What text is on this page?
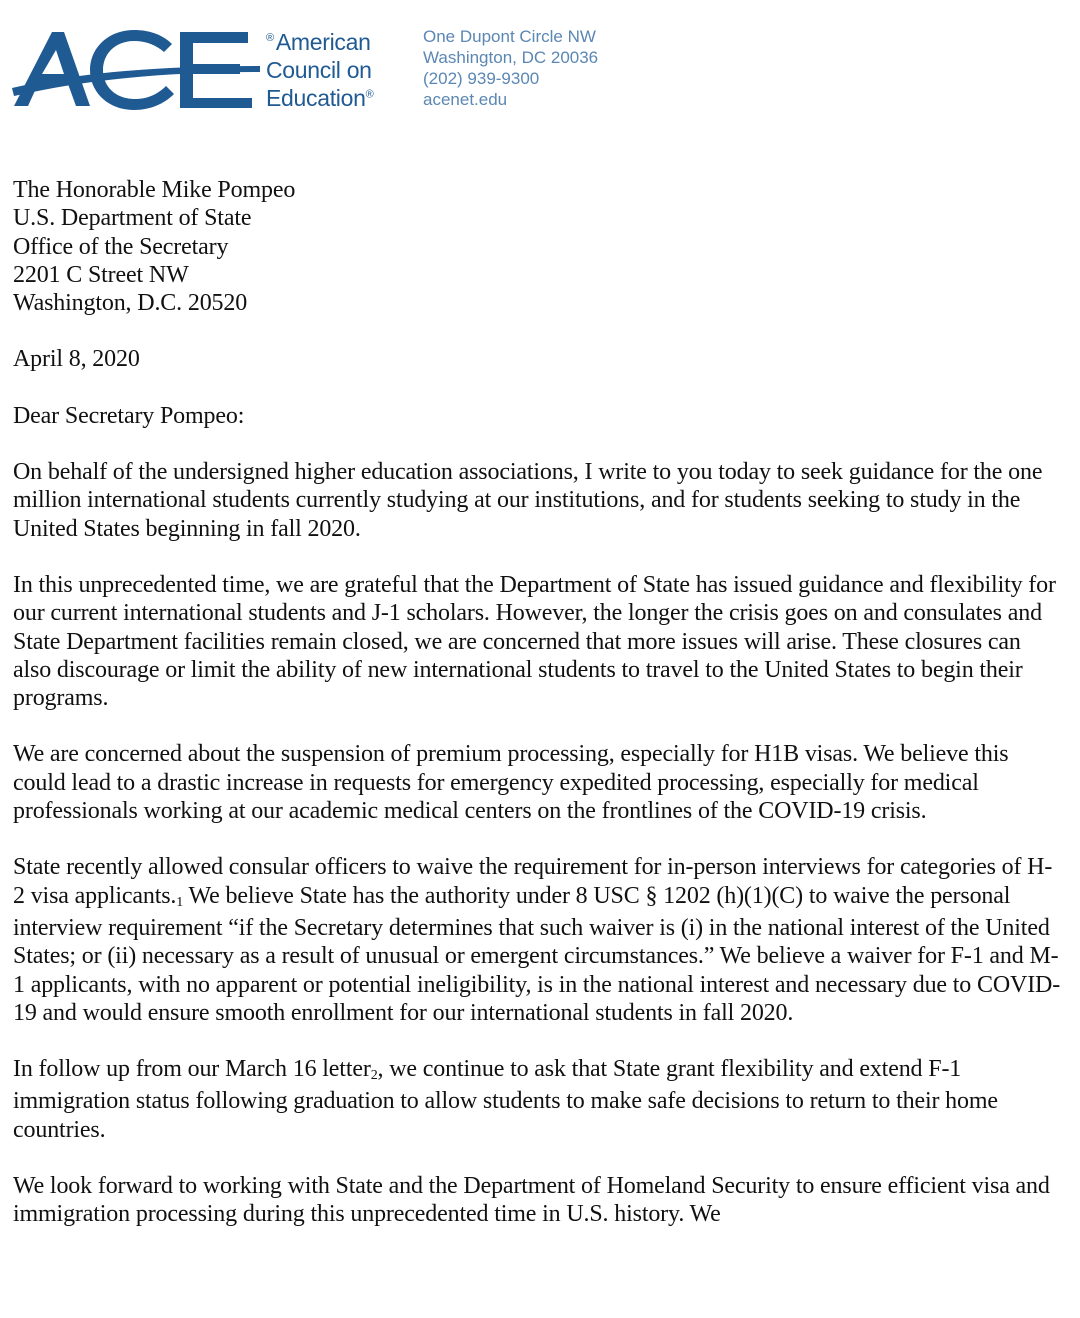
®American
Council on
Education®
One Dupont Circle NW
Washington, DC 20036
(202) 939-9300
acenet.edu
The Honorable Mike Pompeo
U.S. Department of State
Office of the Secretary
2201 C Street NW
Washington, D.C. 20520
April 8, 2020
Dear Secretary Pompeo:

On behalf of the undersigned higher education associations, I write to you today to seek guidance for the one million international students currently studying at our institutions, and for students seeking to study in the United States beginning in fall 2020.

In this unprecedented time, we are grateful that the Department of State has issued guidance and flexibility for our current international students and J-1 scholars. However, the longer the crisis goes on and consulates and State Department facilities remain closed, we are concerned that more issues will arise. These closures can also discourage or limit the ability of new international students to travel to the United States to begin their programs.

We are concerned about the suspension of premium processing, especially for H1B visas. We believe this could lead to a drastic increase in requests for emergency expedited processing, especially for medical professionals working at our academic medical centers on the frontlines of the COVID-19 crisis.

State recently allowed consular officers to waive the requirement for in-person interviews for categories of H-2 visa $applicants._1$ We believe State has the authority under 8 USC § 1202 (h)(1)(C) to waive the personal interview requirement “if the Secretary determines that such waiver is (i) in the national interest of the United States; or (ii) necessary as a result of unusual or emergent circumstances.” We believe a waiver for F-1 and M-1 applicants, with no apparent or potential ineligibility, is in the national interest and necessary due to COVID-19 and would ensure smooth enrollment for our international students in fall 2020.

In follow up from our March 16 letter$_2$, we continue to ask that State grant flexibility and extend F-1 immigration status following graduation to allow students to make safe decisions to return to their home countries.

We look forward to working with State and the Department of Homeland Security to ensure efficient visa and immigration processing during this unprecedented time in U.S. history. We
